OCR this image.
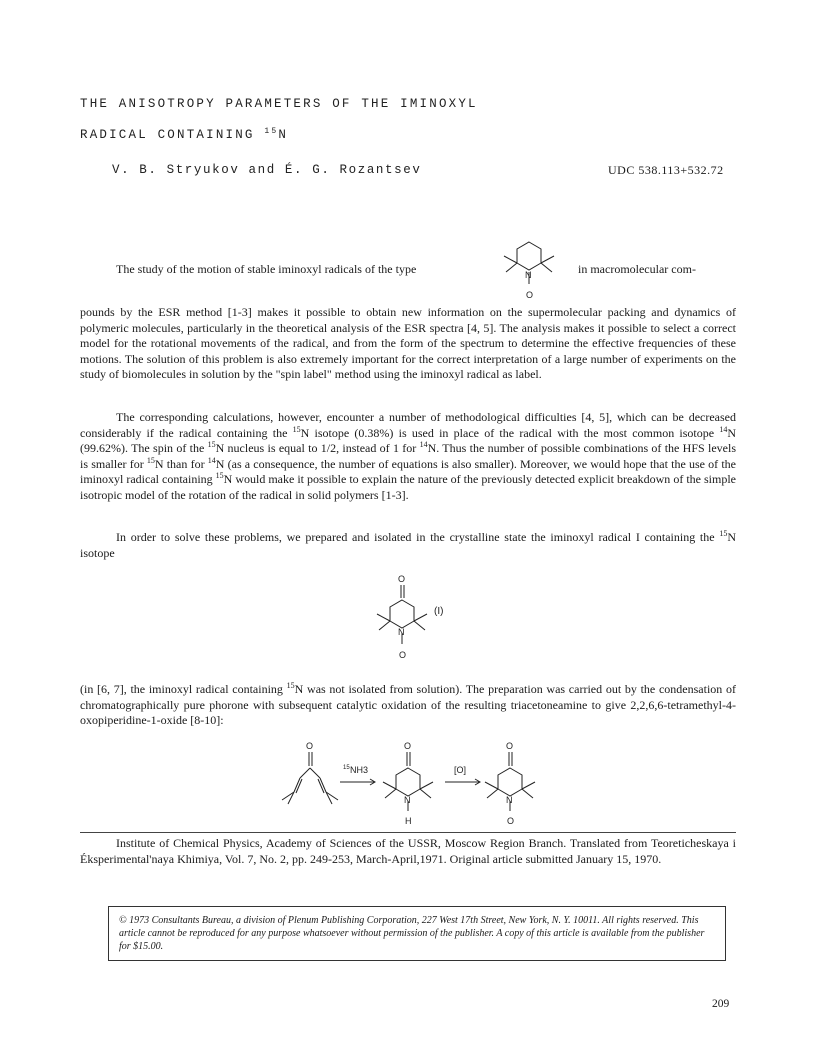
THE ANISOTROPY PARAMETERS OF THE IMINOXYL
RADICAL CONTAINING $^{15}$N
V. B. Stryukov and É. G. Rozantsev	UDC 538.113+532.72
The study of the motion of stable iminoxyl radicals of the type	N
O
in macromolecular com-
pounds by the ESR method [1-3] makes it possible to obtain new information on the supermolecular packing and dynamics of polymeric molecules, particularly in the theoretical analysis of the ESR spectra [4, 5]. The analysis makes it possible to select a correct model for the rotational movements of the radical, and from the form of the spectrum to determine the effective frequencies of these motions. The solution of this problem is also extremely important for the correct interpretation of a large number of experiments on the study of biomolecules in solution by the "spin label" method using the iminoxyl radical as label.
The corresponding calculations, however, encounter a number of methodological difficulties [4, 5], which can be decreased considerably if the radical containing the $^{15}$N isotope (0.38%) is used in place of the radical with the most common isotope $^{14}$N (99.62%). The spin of the $^{15}$N nucleus is equal to 1/2, instead of 1 for $^{14}$N. Thus the number of possible combinations of the HFS levels is smaller for $^{15}$N than for $^{14}$N (as a consequence, the number of equations is also smaller). Moreover, we would hope that the use of the iminoxyl radical containing $^{15}$N would make it possible to explain the nature of the previously detected explicit breakdown of the simple isotropic model of the rotation of the radical in solid polymers [1-3].
In order to solve these problems, we prepared and isolated in the crystalline state the iminoxyl radical I containing the $^{15}$N isotope
O
N
O
(I)
(in [6, 7], the iminoxyl radical containing $^{15}$N was not isolated from solution). The preparation was carried out by the condensation of chromatographically pure phorone with subsequent catalytic oxidation of the resulting triacetoneamine to give 2,2,6,6-tetramethyl-4-oxopiperidine-1-oxide [8-10]:
O
15 NH3
O
N
H
[O]
O
N
O
Institute of Chemical Physics, Academy of Sciences of the USSR, Moscow Region Branch. Translated from Teoreticheskaya i Éksperimental'naya Khimiya, Vol. 7, No. 2, pp. 249-253, March-April,1971. Original article submitted January 15, 1970.
© 1973 Consultants Bureau, a division of Plenum Publishing Corporation, 227 West 17th Street, New York, N. Y. 10011. All rights reserved. This article cannot be reproduced for any purpose whatsoever without permission of the publisher. A copy of this article is available from the publisher for $15.00.
209
